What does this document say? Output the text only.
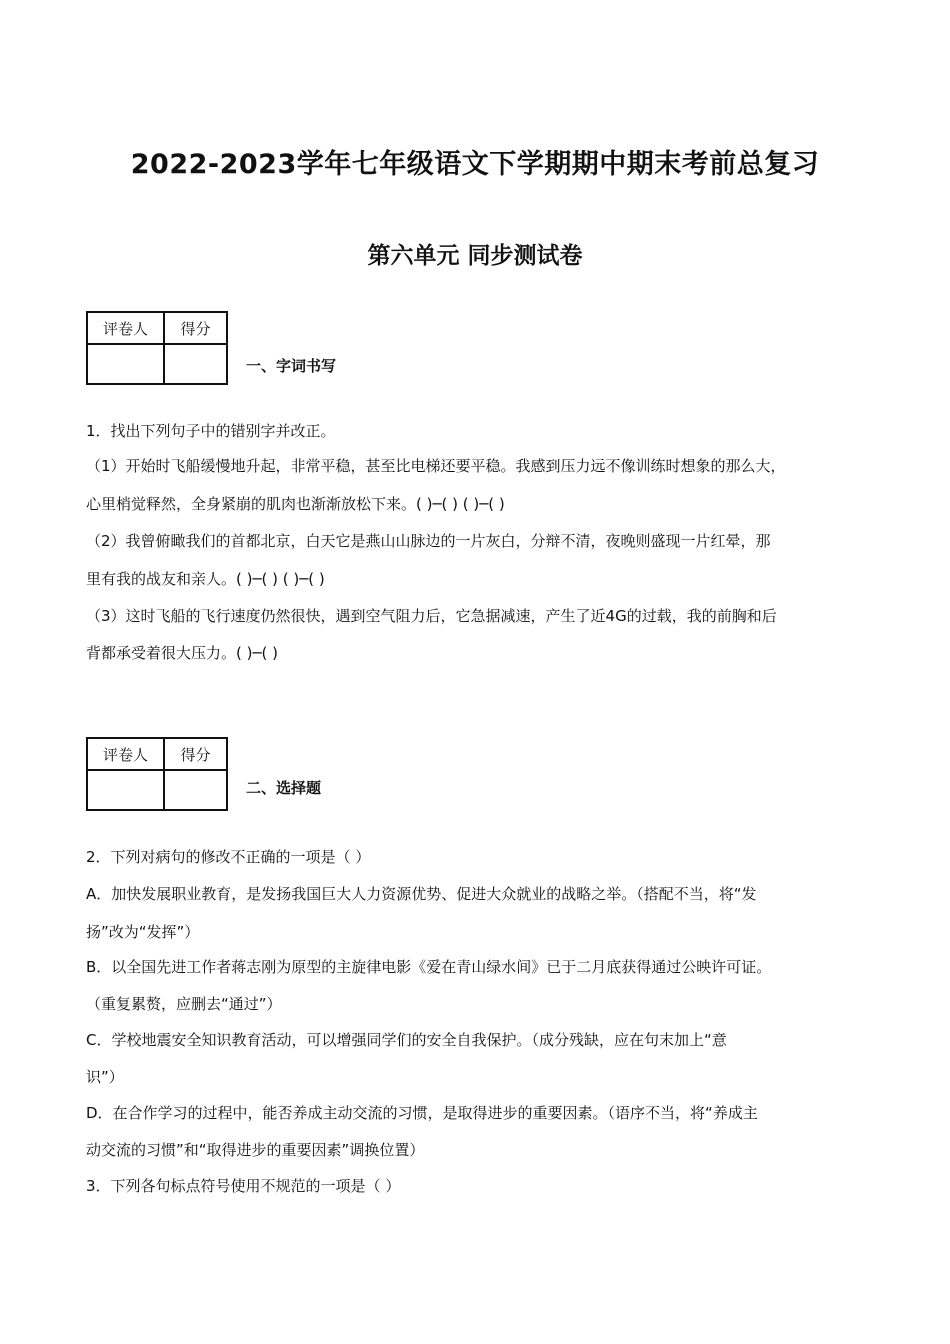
2022-2023学年七年级语文下学期期中期末考前总复习
第六单元 同步测试卷
评卷人	得分

一、字词书写
1．找出下列句子中的错别字并改正。
（1）开始时飞船缓慢地升起，非常平稳，甚至比电梯还要平稳。我感到压力远不像训练时想象的那么大，
心里梢觉释然，全身紧崩的肌肉也渐渐放松下来。( )─( ) ( )─( )
（2）我曾俯瞰我们的首都北京，白天它是燕山山脉边的一片灰白，分辩不清，夜晚则盛现一片红晕，那
里有我的战友和亲人。( )─( ) ( )─( )
（3）这时飞船的飞行速度仍然很快，遇到空气阻力后，它急据减速，产生了近4G的过载，我的前胸和后
背都承受着很大压力。( )─( )
评卷人	得分

二、选择题
2．下列对病句的修改不正确的一项是（ ）
A．加快发展职业教育，是发扬我国巨大人力资源优势、促进大众就业的战略之举。（搭配不当，将“发
扬”改为“发挥”）
B．以全国先进工作者蒋志刚为原型的主旋律电影《爱在青山绿水间》已于二月底获得通过公映许可证。
（重复累赘，应删去“通过”）
C．学校地震安全知识教育活动，可以增强同学们的安全自我保护。（成分残缺，应在句末加上“意
识”）
D．在合作学习的过程中，能否养成主动交流的习惯，是取得进步的重要因素。（语序不当，将“养成主
动交流的习惯”和“取得进步的重要因素”调换位置）
3．下列各句标点符号使用不规范的一项是（ ）
